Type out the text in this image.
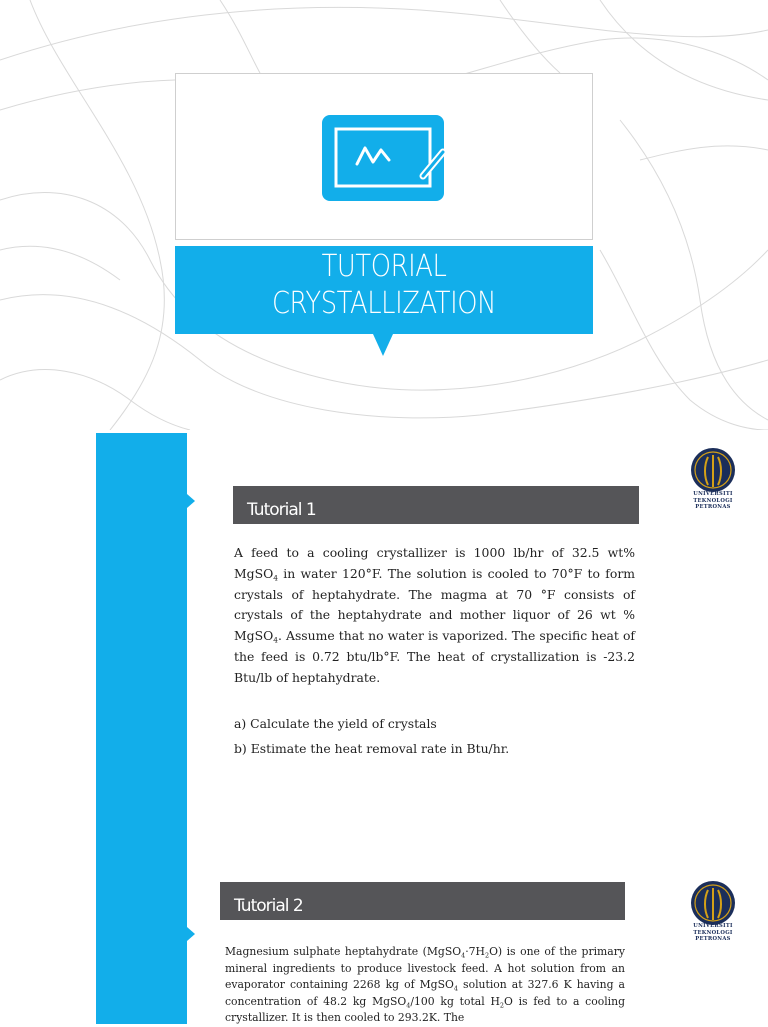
TUTORIAL
CRYSTALLIZATION
Tutorial 1
UNIVERSITI
TEKNOLOGI
PETRONAS
A feed to a cooling crystallizer is 1000 lb/hr of 32.5 wt% MgSO$_4$ in water 120°F. The solution is cooled to 70°F to form crystals of heptahydrate. The magma at 70 °F consists of crystals of the heptahydrate and mother liquor of 26 wt % MgSO$_4$. Assume that no water is vaporized. The specific heat of the feed is 0.72 btu/lb°F. The heat of crystallization is -23.2 Btu/lb of heptahydrate.
a) Calculate the yield of crystals
b) Estimate the heat removal rate in Btu/hr.
Tutorial 2
UNIVERSITI
TEKNOLOGI
PETRONAS
Magnesium sulphate heptahydrate $(MgSO_4\cdot 7H_2O)$ is one of the primary mineral ingredients to produce livestock feed. A hot solution from an evaporator containing 2268 kg of MgSO$_4$ solution at 327.6 K having a concentration of 48.2 kg MgSO$_4$/100 kg total $H_2O$ is fed to a cooling crystallizer. It is then cooled to 293.2K. The
